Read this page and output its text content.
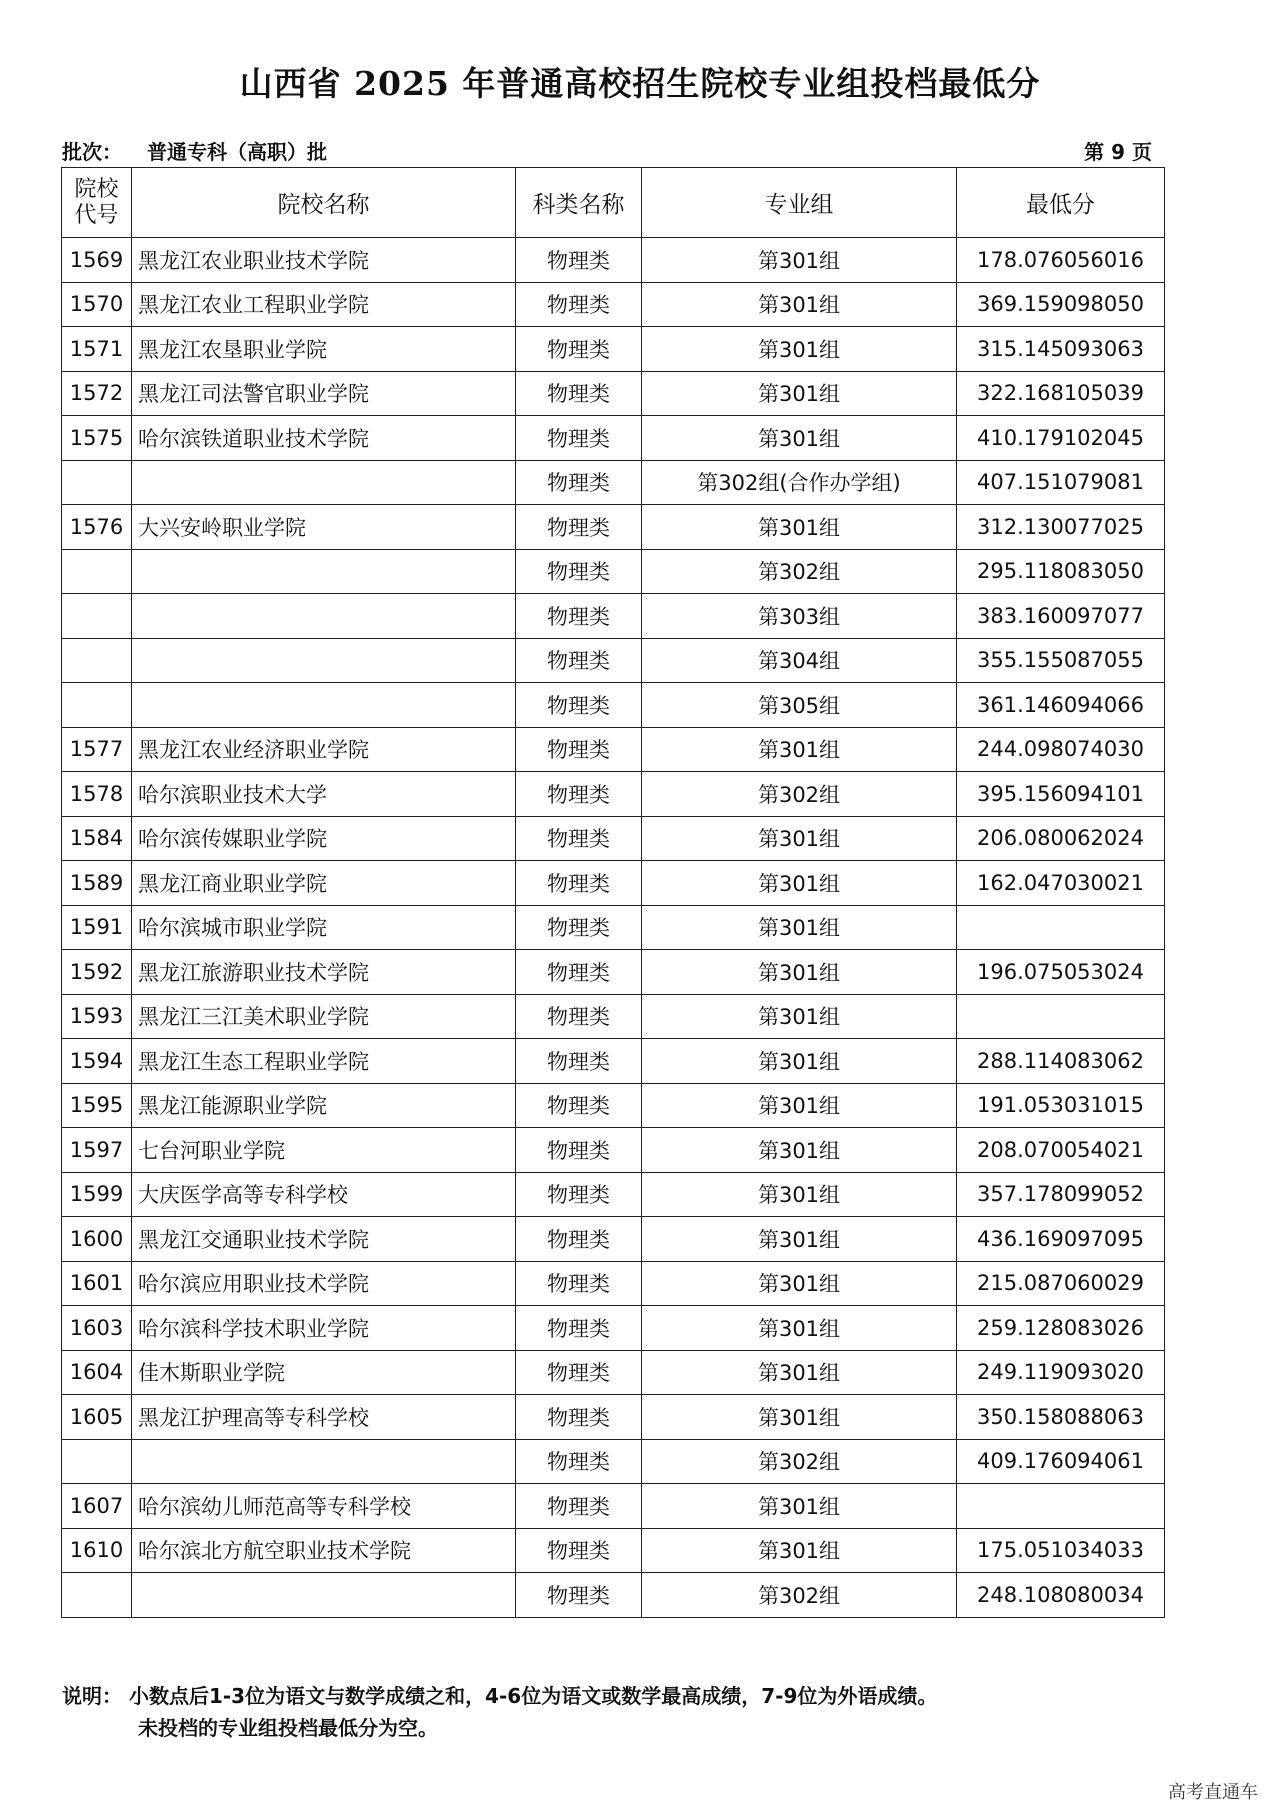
山西省 2025 年普通高校招生院校专业组投档最低分
批次： 普通专科（高职）批	第 9 页
院校
代号	院校名称	科类名称	专业组	最低分
1569	黑龙江农业职业技术学院	物理类	第301组	178.076056016
1570	黑龙江农业工程职业学院	物理类	第301组	369.159098050
1571	黑龙江农垦职业学院	物理类	第301组	315.145093063
1572	黑龙江司法警官职业学院	物理类	第301组	322.168105039
1575	哈尔滨铁道职业技术学院	物理类	第301组	410.179102045
		物理类	第302组(合作办学组)	407.151079081
1576	大兴安岭职业学院	物理类	第301组	312.130077025
		物理类	第302组	295.118083050
		物理类	第303组	383.160097077
		物理类	第304组	355.155087055
		物理类	第305组	361.146094066
1577	黑龙江农业经济职业学院	物理类	第301组	244.098074030
1578	哈尔滨职业技术大学	物理类	第302组	395.156094101
1584	哈尔滨传媒职业学院	物理类	第301组	206.080062024
1589	黑龙江商业职业学院	物理类	第301组	162.047030021
1591	哈尔滨城市职业学院	物理类	第301组	
1592	黑龙江旅游职业技术学院	物理类	第301组	196.075053024
1593	黑龙江三江美术职业学院	物理类	第301组	
1594	黑龙江生态工程职业学院	物理类	第301组	288.114083062
1595	黑龙江能源职业学院	物理类	第301组	191.053031015
1597	七台河职业学院	物理类	第301组	208.070054021
1599	大庆医学高等专科学校	物理类	第301组	357.178099052
1600	黑龙江交通职业技术学院	物理类	第301组	436.169097095
1601	哈尔滨应用职业技术学院	物理类	第301组	215.087060029
1603	哈尔滨科学技术职业学院	物理类	第301组	259.128083026
1604	佳木斯职业学院	物理类	第301组	249.119093020
1605	黑龙江护理高等专科学校	物理类	第301组	350.158088063
		物理类	第302组	409.176094061
1607	哈尔滨幼儿师范高等专科学校	物理类	第301组	
1610	哈尔滨北方航空职业技术学院	物理类	第301组	175.051034033
		物理类	第302组	248.108080034
说明： 小数点后1-3位为语文与数学成绩之和，4-6位为语文或数学最高成绩，7-9位为外语成绩。
未投档的专业组投档最低分为空。
高考直通车
